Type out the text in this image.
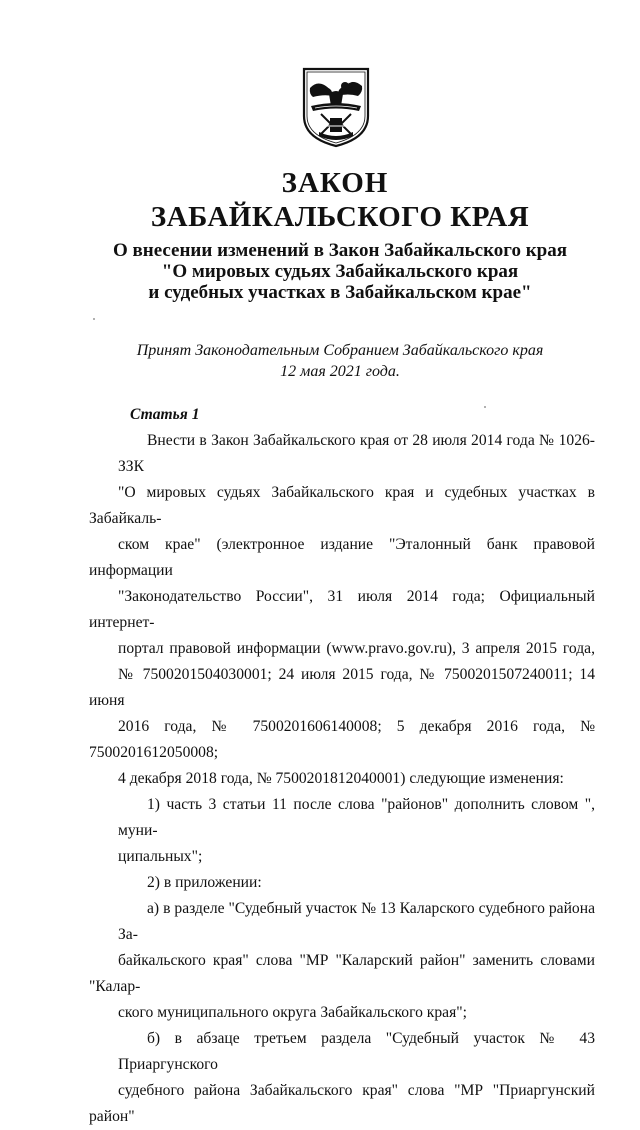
ЗАКОН
ЗАБАЙКАЛЬСКОГО КРАЯ
О внесении изменений в Закон Забайкальского края
"О мировых судьях Забайкальского края
и судебных участках в Забайкальском крае"
Принят Законодательным Собранием Забайкальского края
12 мая 2021 года.
Статья 1
Внести в Закон Забайкальского края от 28 июля 2014 года № 1026-ЗЗК
"О мировых судьях Забайкальского края и судебных участках в Забайкаль-
ском крае" (электронное издание "Эталонный банк правовой информации
"Законодательство России", 31 июля 2014 года; Официальный интернет-
портал правовой информации (www.pravo.gov.ru), 3 апреля 2015 года,
№ 7500201504030001; 24 июля 2015 года, № 7500201507240011; 14 июня
2016 года, № 7500201606140008; 5 декабря 2016 года, № 7500201612050008;
4 декабря 2018 года, № 7500201812040001) следующие изменения:
1) часть 3 статьи 11 после слова "районов" дополнить словом ", муни-
ципальных";
2) в приложении:
а) в разделе "Судебный участок № 13 Каларского судебного района За-
байкальского края" слова "МР "Каларский район" заменить словами "Калар-
ского муниципального округа Забайкальского края";
б) в абзаце третьем раздела "Судебный участок № 43 Приаргунского
судебного района Забайкальского края" слова "МР "Приаргунский район"
